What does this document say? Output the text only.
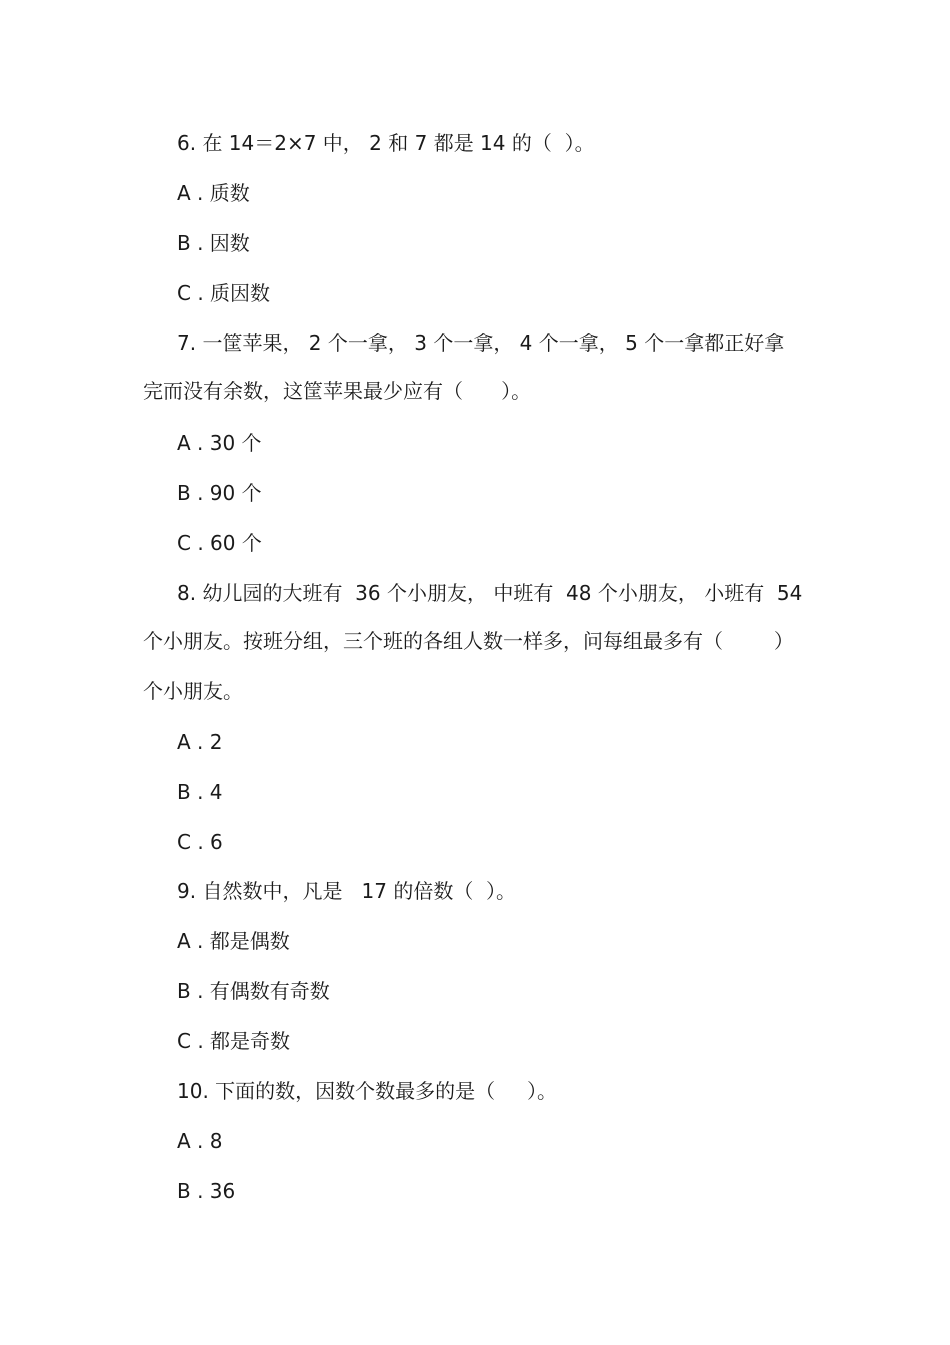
6. 在 14＝2×7 中， 2 和 7 都是 14 的（  ）。
A . 质数
B . 因数
C . 质因数
7. 一筐苹果， 2 个一拿， 3 个一拿， 4 个一拿， 5 个一拿都正好拿
完而没有余数，这筐苹果最少应有（      ）。
A . 30 个
B . 90 个
C . 60 个
8. 幼儿园的大班有  36 个小朋友， 中班有  48 个小朋友， 小班有  54
个小朋友。按班分组，三个班的各组人数一样多，问每组最多有（        ）
个小朋友。
A . 2
B . 4
C . 6
9. 自然数中，凡是   17 的倍数（  ）。
A . 都是偶数
B . 有偶数有奇数
C . 都是奇数
10. 下面的数，因数个数最多的是（     ）。
A . 8
B . 36
